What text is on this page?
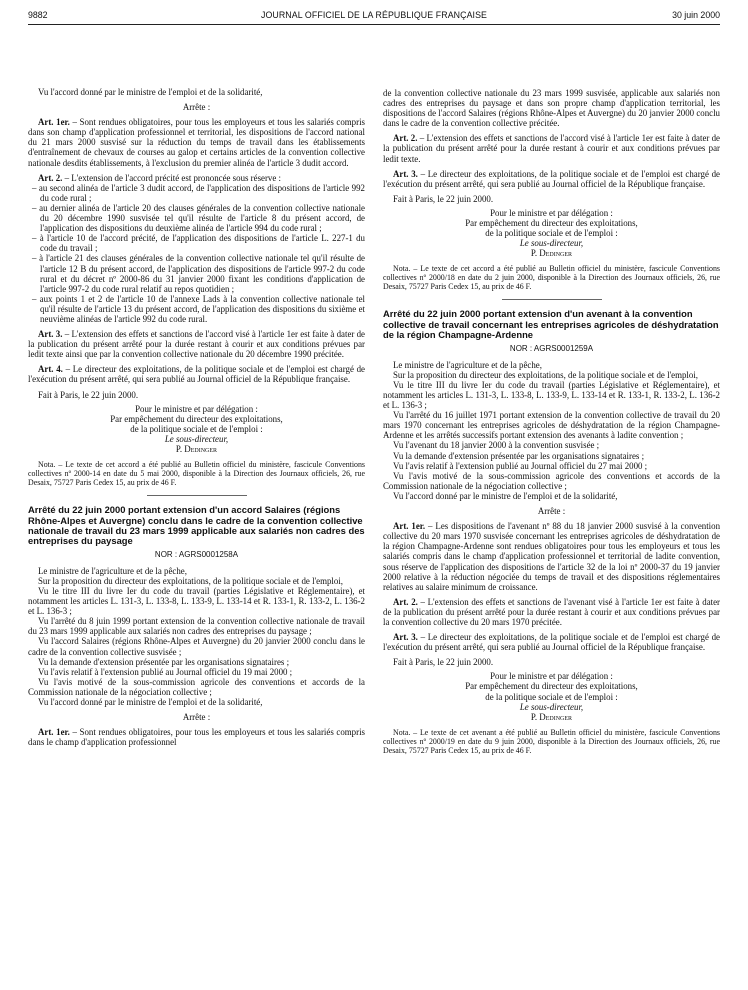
9882	JOURNAL OFFICIEL DE LA RÉPUBLIQUE FRANÇAISE	30 juin 2000

Vu l'accord donné par le ministre de l'emploi et de la solidarité,

Arrête :

Art. 1er. – Sont rendues obligatoires, pour tous les employeurs et tous les salariés compris dans son champ d'application professionnel et territorial, les dispositions de l'accord national du 21 mars 2000 susvisé sur la réduction du temps de travail dans les établissements d'entraînement de chevaux de courses au galop et certains articles de la convention collective nationale desdits établissements, à l'exclusion du premier alinéa de l'article 3 dudit accord.

Art. 2. – L'extension de l'accord précité est prononcée sous réserve :

– au second alinéa de l'article 3 dudit accord, de l'application des dispositions de l'article 992 du code rural ;
– au dernier alinéa de l'article 20 des clauses générales de la convention collective nationale du 20 décembre 1990 susvisée tel qu'il résulte de l'article 8 du présent accord, de l'application des dispositions du deuxième alinéa de l'article 994 du code rural ;
– à l'article 10 de l'accord précité, de l'application des dispositions de l'article L. 227-1 du code du travail ;
– à l'article 21 des clauses générales de la convention collective nationale tel qu'il résulte de l'article 12 B du présent accord, de l'application des dispositions de l'article 997-2 du code rural et du décret nº 2000-86 du 31 janvier 2000 fixant les conditions d'application de l'article 997-2 du code rural relatif au repos quotidien ;
– aux points 1 et 2 de l'article 10 de l'annexe Lads à la convention collective nationale tel qu'il résulte de l'article 13 du présent accord, de l'application des dispositions du sixième et neuvième alinéas de l'article 992 du code rural.

Art. 3. – L'extension des effets et sanctions de l'accord visé à l'article 1er est faite à dater de la publication du présent arrêté pour la durée restant à courir et aux conditions prévues par ledit texte ainsi que par la convention collective nationale du 20 décembre 1990 précitée.

Art. 4. – Le directeur des exploitations, de la politique sociale et de l'emploi est chargé de l'exécution du présent arrêté, qui sera publié au Journal officiel de la République française.

Fait à Paris, le 22 juin 2000.

Pour le ministre et par délégation :
Par empêchement du directeur des exploitations,
de la politique sociale et de l'emploi :
Le sous-directeur,
P. Dedinger

Nota. – Le texte de cet accord a été publié au Bulletin officiel du ministère, fascicule Conventions collectives nº 2000-14 en date du 5 mai 2000, disponible à la Direction des Journaux officiels, 26, rue Desaix, 75727 Paris Cedex 15, au prix de 46 F.

Arrêté du 22 juin 2000 portant extension d'un accord Salaires (régions Rhône-Alpes et Auvergne) conclu dans le cadre de la convention collective nationale de travail du 23 mars 1999 applicable aux salariés non cadres des entreprises du paysage

NOR : AGRS0001258A

Le ministre de l'agriculture et de la pêche,

Sur la proposition du directeur des exploitations, de la politique sociale et de l'emploi,

Vu le titre III du livre Ier du code du travail (parties Législative et Réglementaire), et notamment les articles L. 131-3, L. 133-8, L. 133-9, L. 133-14 et R. 133-1, R. 133-2, L. 136-2 et L. 136-3 ;

Vu l'arrêté du 8 juin 1999 portant extension de la convention collective nationale de travail du 23 mars 1999 applicable aux salariés non cadres des entreprises du paysage ;

Vu l'accord Salaires (régions Rhône-Alpes et Auvergne) du 20 janvier 2000 conclu dans le cadre de la convention collective susvisée ;

Vu la demande d'extension présentée par les organisations signataires ;

Vu l'avis relatif à l'extension publié au Journal officiel du 19 mai 2000 ;

Vu l'avis motivé de la sous-commission agricole des conventions et accords de la Commission nationale de la négociation collective ;

Vu l'accord donné par le ministre de l'emploi et de la solidarité,

Arrête :

Art. 1er. – Sont rendues obligatoires, pour tous les employeurs et tous les salariés compris dans le champ d'application professionnel

de la convention collective nationale du 23 mars 1999 susvisée, applicable aux salariés non cadres des entreprises du paysage et dans son propre champ d'application territorial, les dispositions de l'accord Salaires (régions Rhône-Alpes et Auvergne) du 20 janvier 2000 conclu dans le cadre de la convention collective précitée.

Art. 2. – L'extension des effets et sanctions de l'accord visé à l'article 1er est faite à dater de la publication du présent arrêté pour la durée restant à courir et aux conditions prévues par ledit texte.

Art. 3. – Le directeur des exploitations, de la politique sociale et de l'emploi est chargé de l'exécution du présent arrêté, qui sera publié au Journal officiel de la République française.

Fait à Paris, le 22 juin 2000.

Pour le ministre et par délégation :
Par empêchement du directeur des exploitations,
de la politique sociale et de l'emploi :
Le sous-directeur,
P. Dedinger

Nota. – Le texte de cet accord a été publié au Bulletin officiel du ministère, fascicule Conventions collectives nº 2000/18 en date du 2 juin 2000, disponible à la Direction des Journaux officiels, 26, rue Desaix, 75727 Paris Cedex 15, au prix de 46 F.

Arrêté du 22 juin 2000 portant extension d'un avenant à la convention collective de travail concernant les entreprises agricoles de déshydratation de la région Champagne-Ardenne

NOR : AGRS0001259A

Le ministre de l'agriculture et de la pêche,

Sur la proposition du directeur des exploitations, de la politique sociale et de l'emploi,

Vu le titre III du livre Ier du code du travail (parties Législative et Réglementaire), et notamment les articles L. 131-3, L. 133-8, L. 133-9, L. 133-14 et R. 133-1, R. 133-2, L. 136-2 et L. 136-3 ;

Vu l'arrêté du 16 juillet 1971 portant extension de la convention collective de travail du 20 mars 1970 concernant les entreprises agricoles de déshydratation de la région Champagne-Ardenne et les arrêtés successifs portant extension des avenants à ladite convention ;

Vu l'avenant du 18 janvier 2000 à la convention susvisée ;

Vu la demande d'extension présentée par les organisations signataires ;

Vu l'avis relatif à l'extension publié au Journal officiel du 27 mai 2000 ;

Vu l'avis motivé de la sous-commission agricole des conventions et accords de la Commission nationale de la négociation collective ;

Vu l'accord donné par le ministre de l'emploi et de la solidarité,

Arrête :

Art. 1er. – Les dispositions de l'avenant nº 88 du 18 janvier 2000 susvisé à la convention collective du 20 mars 1970 susvisée concernant les entreprises agricoles de déshydratation de la région Champagne-Ardenne sont rendues obligatoires pour tous les employeurs et tous les salariés compris dans le champ d'application professionnel et territorial de ladite convention, sous réserve de l'application des dispositions de l'article 32 de la loi nº 2000-37 du 19 janvier 2000 relative à la réduction négociée du temps de travail et des dispositions réglementaires relatives au salaire minimum de croissance.

Art. 2. – L'extension des effets et sanctions de l'avenant visé à l'article 1er est faite à dater de la publication du présent arrêté pour la durée restant à courir et aux conditions prévues par la convention collective du 20 mars 1970 précitée.

Art. 3. – Le directeur des exploitations, de la politique sociale et de l'emploi est chargé de l'exécution du présent arrêté, qui sera publié au Journal officiel de la République française.

Fait à Paris, le 22 juin 2000.

Pour le ministre et par délégation :
Par empêchement du directeur des exploitations,
de la politique sociale et de l'emploi :
Le sous-directeur,
P. Dedinger

Nota. – Le texte de cet avenant a été publié au Bulletin officiel du ministère, fascicule Conventions collectives nº 2000/19 en date du 9 juin 2000, disponible à la Direction des Journaux officiels, 26, rue Desaix, 75727 Paris Cedex 15, au prix de 46 F.
